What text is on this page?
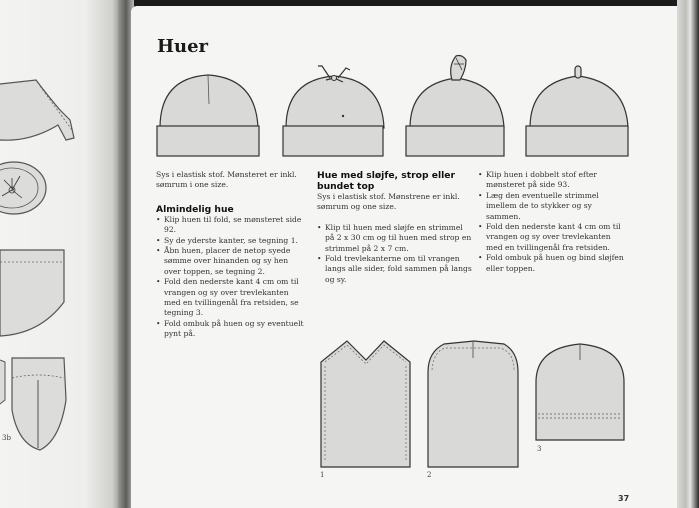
3b
Huer

Sys i elastisk stof. Mønsteret er inkl. sømrum i one size.

Almindelig hue
• Klip huen til fold, se mønsteret side 92.
• Sy de yderste kanter, se tegning 1.
• Åbn huen, placer de netop syede sømme over hinanden og sy hen over toppen, se tegning 2.
• Fold den nederste kant 4 cm om til vrangen og sy over trevlekanten med en tvillingenål fra retsiden, se tegning 3.
• Fold ombuk på huen og sy eventuelt pynt på.
Hue med sløjfe, strop eller bundet top

Sys i elastisk stof. Mønstrene er inkl. sømrum og one size.

• Klip til huen med sløjfe en strimmel på 2 x 30 cm og til huen med strop en strimmel på 2 x 7 cm.
• Fold trevlekanterne om til vrangen langs alle sider, fold sammen på langs og sy.
• Klip huen i dobbelt stof efter mønsteret på side 93.
• Læg den eventuelle strimmel imellem de to stykker og sy sammen.
• Fold den nederste kant 4 cm om til vrangen og sy over trevlekanten med en tvillingenål fra retsiden.
• Fold ombuk på huen og bind sløjfen eller toppen.
1	2
3
37
